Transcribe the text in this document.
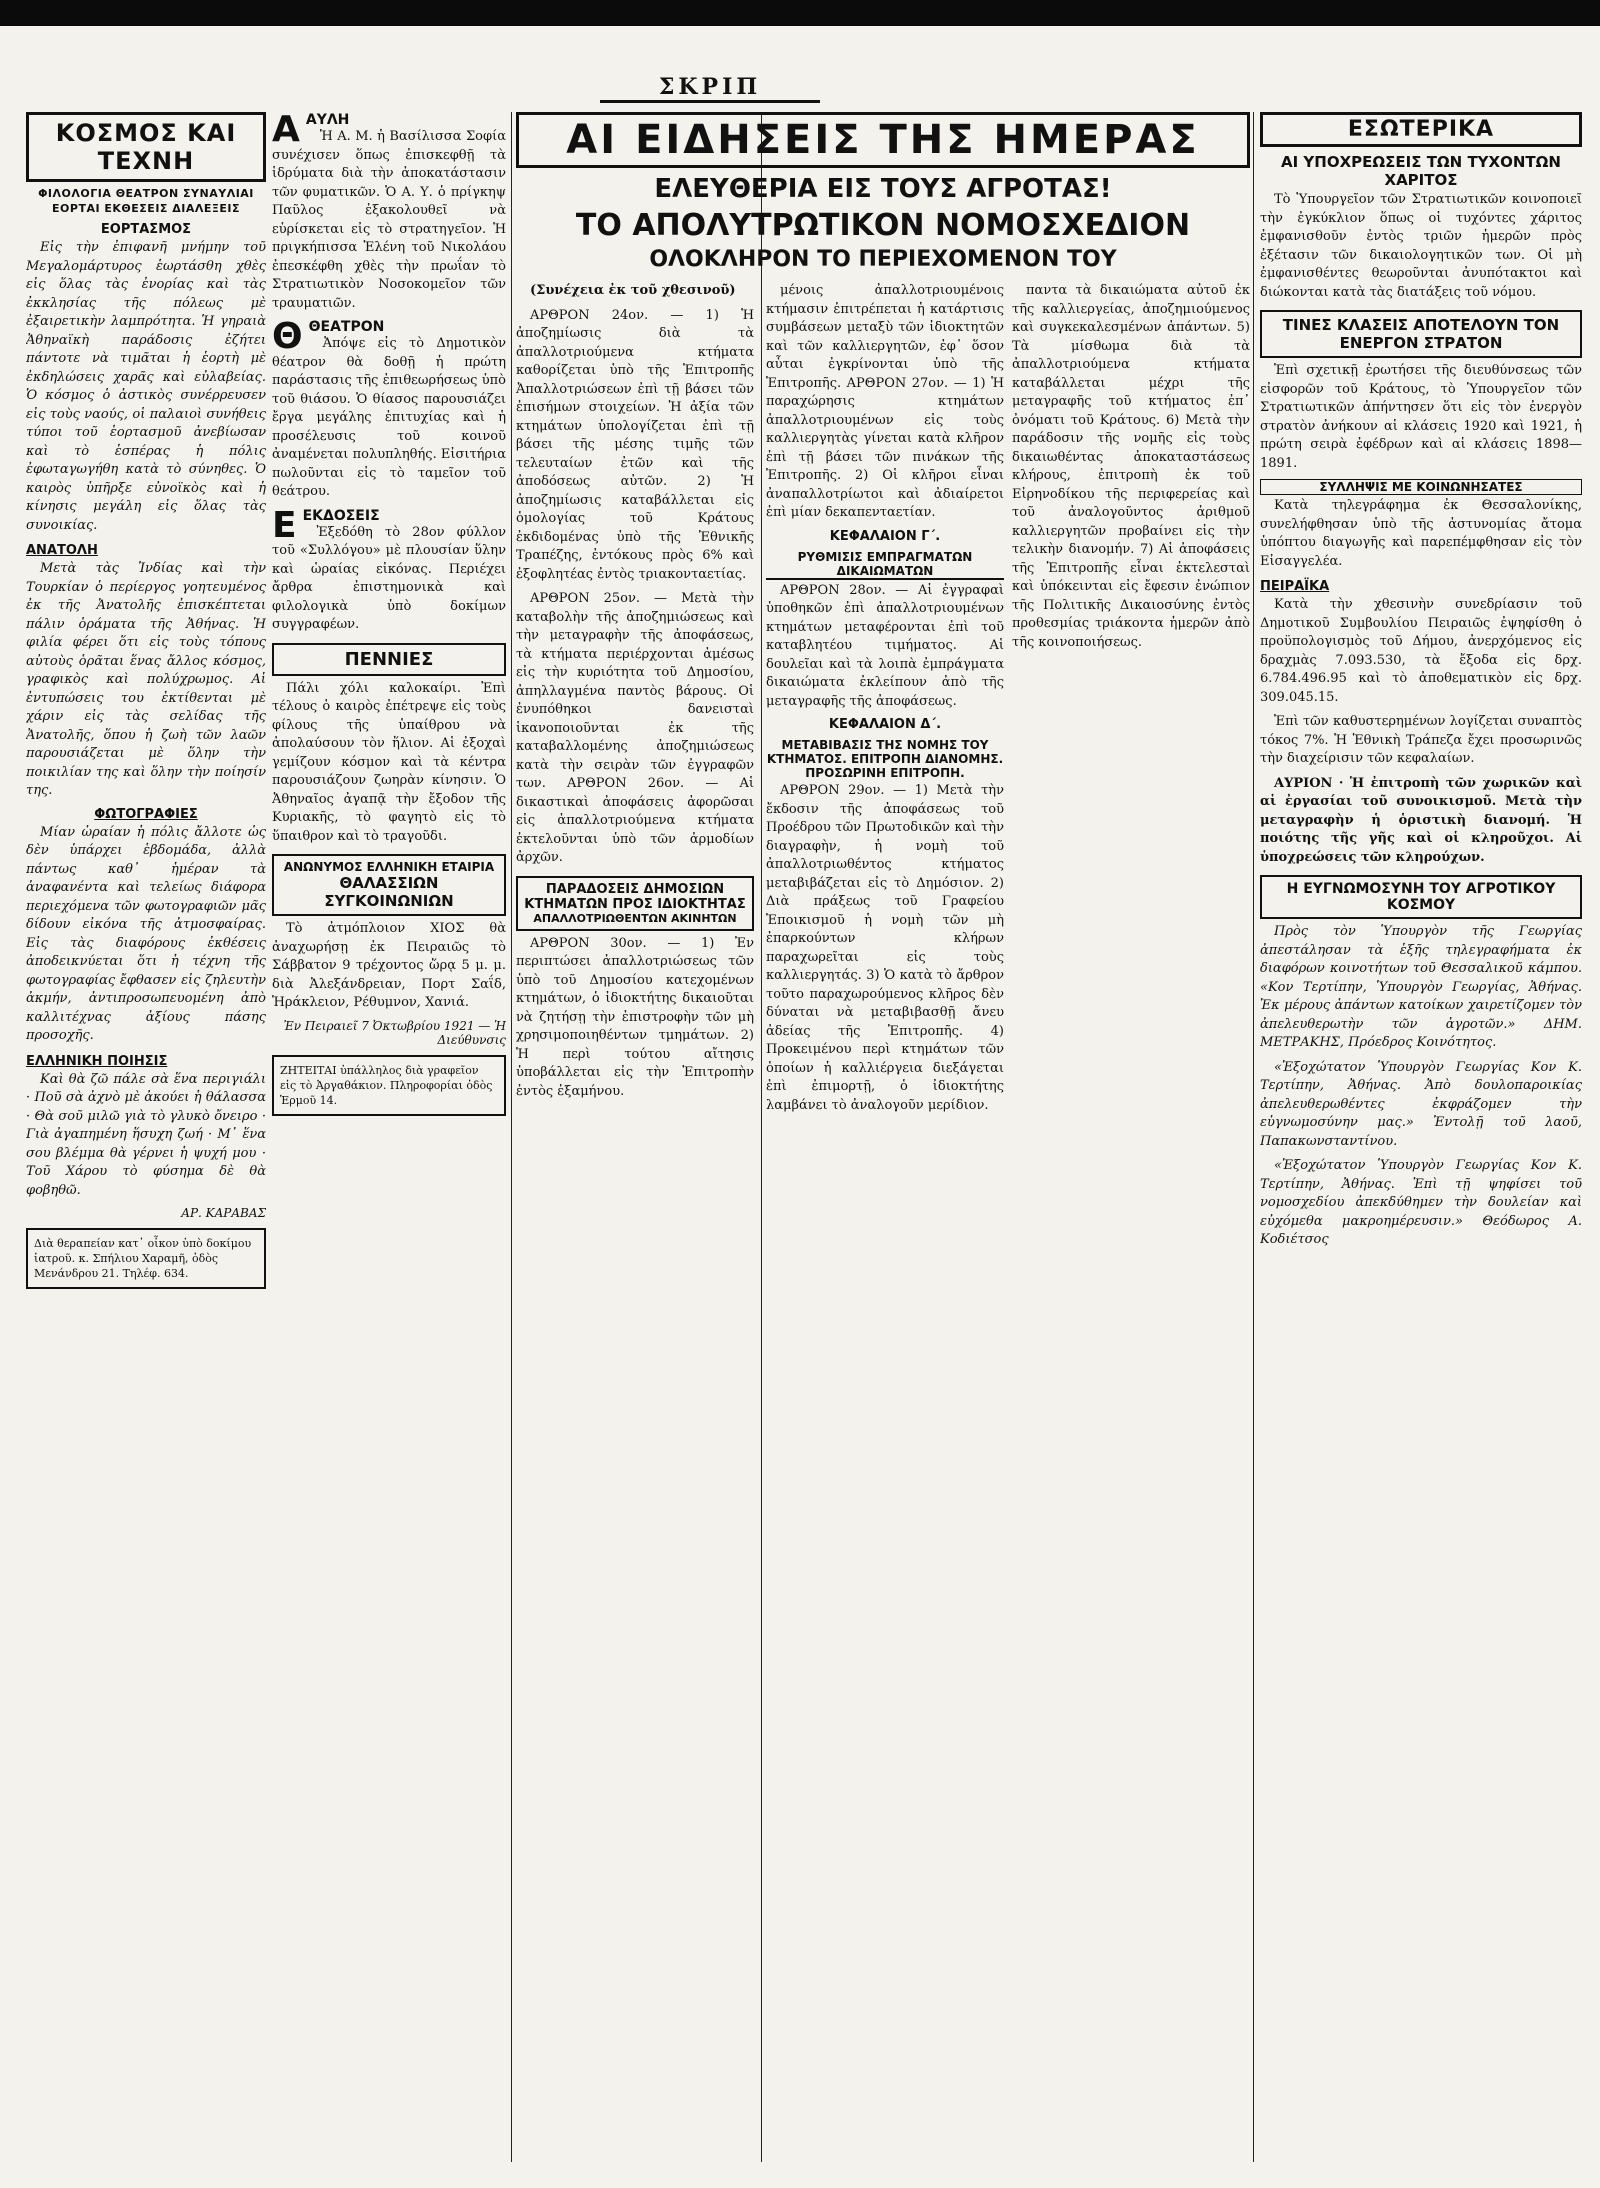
ΣΚΡΙΠ
ΚΟΣΜΟΣ ΚΑΙ ΤΕΧΝΗ
ΦΙΛΟΛΟΓΙΑ ΘΕΑΤΡΟΝ ΣΥΝΑΥΛΙΑΙ ΕΟΡΤΑΙ ΕΚΘΕΣΕΙΣ ΔΙΑΛΕΞΕΙΣ
ΕΟΡΤΑΣΜΟΣ

Εἰς τὴν ἐπιφανῆ μνήμην τοῦ Μεγαλομάρτυρος ἑωρτάσθη χθὲς εἰς ὅλας τὰς ἐνορίας καὶ τὰς ἐκκλησίας τῆς πόλεως μὲ ἐξαιρετικὴν λαμπρότητα. Ἡ γηραιὰ Ἀθηναϊκὴ παράδοσις ἐζήτει πάντοτε νὰ τιμᾶται ἡ ἑορτὴ μὲ ἐκδηλώσεις χαρᾶς καὶ εὐλαβείας. Ὁ κόσμος ὁ ἀστικὸς συνέρρευσεν εἰς τοὺς ναούς, οἱ παλαιοὶ συνήθεις τύποι τοῦ ἑορτασμοῦ ἀνεβίωσαν καὶ τὸ ἑσπέρας ἡ πόλις ἐφωταγωγήθη κατὰ τὸ σύνηθες. Ὁ καιρὸς ὑπῆρξε εὐνοϊκὸς καὶ ἡ κίνησις μεγάλη εἰς ὅλας τὰς συνοικίας.

ΑΝΑΤΟΛΗ

Μετὰ τὰς Ἰνδίας καὶ τὴν Τουρκίαν ὁ περίεργος γοητευμένος ἐκ τῆς Ἀνατολῆς ἐπισκέπτεται πάλιν ὁράματα τῆς Ἀθήνας. Ἡ φιλία φέρει ὅτι εἰς τοὺς τόπους αὐτοὺς ὁρᾶται ἕνας ἄλλος κόσμος, γραφικὸς καὶ πολύχρωμος. Αἱ ἐντυπώσεις του ἐκτίθενται μὲ χάριν εἰς τὰς σελίδας τῆς Ἀνατολῆς, ὅπου ἡ ζωὴ τῶν λαῶν παρουσιάζεται μὲ ὅλην τὴν ποικιλίαν της καὶ ὅλην τὴν ποίησίν της.

ΦΩΤΟΓΡΑΦΙΕΣ

Μίαν ὡραίαν ἡ πόλις ἄλλοτε ὡς δὲν ὑπάρχει ἑβδομάδα, ἀλλὰ πάντως καθ᾿ ἡμέραν τὰ ἀναφανέντα καὶ τελείως διάφορα περιεχόμενα τῶν φωτογραφιῶν μᾶς δίδουν εἰκόνα τῆς ἀτμοσφαίρας. Εἰς τὰς διαφόρους ἐκθέσεις ἀποδεικνύεται ὅτι ἡ τέχνη τῆς φωτογραφίας ἔφθασεν εἰς ζηλευτὴν ἀκμήν, ἀντιπροσωπευομένη ἀπὸ καλλιτέχνας ἀξίους πάσης προσοχῆς.

ΕΛΛΗΝΙΚΗ ΠΟΙΗΣΙΣ

Καὶ θὰ ζῶ πάλε σὰ ἕνα περιγιάλι · Ποῦ σὰ ἀχνὸ μὲ ἀκούει ἡ θάλασσα · Θὰ σοῦ μιλῶ γιὰ τὸ γλυκὸ ὄνειρο · Γιὰ ἀγαπημένη ἥσυχη ζωή · Μ᾿ ἕνα σου βλέμμα θὰ γέρνει ἡ ψυχή μου · Τοῦ Χάρου τὸ φύσημα δὲ θὰ φοβηθῶ.

ΑΡ. ΚΑΡΑΒΑΣ
Διὰ θεραπείαν κατ᾿ οἶκον ὑπὸ δοκίμου ἰατροῦ. κ. Σπήλιου Χαραμῆ, ὁδὸς Μενάνδρου 21. Τηλέφ. 634.
Α ΑΥΛΗ

Ἡ Α. Μ. ἡ Βασίλισσα Σοφία συνέχισεν ὅπως ἐπισκεφθῇ τὰ ἱδρύματα διὰ τὴν ἀποκατάστασιν τῶν φυματικῶν. Ὁ Α. Υ. ὁ πρίγκηψ Παῦλος ἐξακολουθεῖ νὰ εὑρίσκεται εἰς τὸ στρατηγεῖον. Ἡ πριγκήπισσα Ἑλένη τοῦ Νικολάου ἐπεσκέφθη χθὲς τὴν πρωΐαν τὸ Στρατιωτικὸν Νοσοκομεῖον τῶν τραυματιῶν.

Θ ΘΕΑΤΡΟΝ

Ἀπόψε εἰς τὸ Δημοτικὸν θέατρον θὰ δοθῇ ἡ πρώτη παράστασις τῆς ἐπιθεωρήσεως ὑπὸ τοῦ θιάσου. Ὁ θίασος παρουσιάζει ἔργα μεγάλης ἐπιτυχίας καὶ ἡ προσέλευσις τοῦ κοινοῦ ἀναμένεται πολυπληθής. Εἰσιτήρια πωλοῦνται εἰς τὸ ταμεῖον τοῦ θεάτρου.

Ε ΕΚΔΟΣΕΙΣ

Ἐξεδόθη τὸ 28ον φύλλον τοῦ «Συλλόγου» μὲ πλουσίαν ὕλην καὶ ὡραίας εἰκόνας. Περιέχει ἄρθρα ἐπιστημονικὰ καὶ φιλολογικὰ ὑπὸ δοκίμων συγγραφέων.

ΠΕΝΝΙΕΣ

Πάλι χόλι καλοκαίρι. Ἐπὶ τέλους ὁ καιρὸς ἐπέτρεψε εἰς τοὺς φίλους τῆς ὑπαίθρου νὰ ἀπολαύσουν τὸν ἥλιον. Αἱ ἐξοχαὶ γεμίζουν κόσμον καὶ τὰ κέντρα παρουσιάζουν ζωηρὰν κίνησιν. Ὁ Ἀθηναῖος ἀγαπᾷ τὴν ἔξοδον τῆς Κυριακῆς, τὸ φαγητὸ εἰς τὸ ὕπαιθρον καὶ τὸ τραγοῦδι.

ΑΝΩΝΥΜΟΣ ΕΛΛΗΝΙΚΗ ΕΤΑΙΡΙΑ
ΘΑΛΑΣΣΙΩΝ ΣΥΓΚΟΙΝΩΝΙΩΝ

Τὸ ἀτμόπλοιον ΧΙΟΣ θὰ ἀναχωρήσῃ ἐκ Πειραιῶς τὸ Σάββατον 9 τρέχοντος ὥρᾳ 5 μ. μ. διὰ Ἀλεξάνδρειαν, Πορτ Σαΐδ, Ἡράκλειον, Ρέθυμνον, Χανιά.

Ἐν Πειραιεῖ 7 Ὀκτωβρίου 1921 — Ἡ Διεύθυνσις
ΖΗΤΕΙΤΑΙ ὑπάλληλος διὰ γραφεῖον εἰς τὸ Ἀργαθάκιον. Πληροφορίαι ὁδὸς Ἑρμοῦ 14.
ΑΙ ΕΙΔΗΣΕΙΣ ΤΗΣ ΗΜΕΡΑΣ
ΕΛΕΥΘΕΡΙΑ ΕΙΣ ΤΟΥΣ ΑΓΡΟΤΑΣ!
ΤΟ ΑΠΟΛΥΤΡΩΤΙΚΟΝ ΝΟΜΟΣΧΕΔΙΟΝ
ΟΛΟΚΛΗΡΟΝ ΤΟ ΠΕΡΙΕΧΟΜΕΝΟΝ ΤΟΥ

(Συνέχεια ἐκ τοῦ χθεσινοῦ)

ΑΡΘΡΟΝ 24ον. — 1) Ἡ ἀποζημίωσις διὰ τὰ ἀπαλλοτριούμενα κτήματα καθορίζεται ὑπὸ τῆς Ἐπιτροπῆς Ἀπαλλοτριώσεων ἐπὶ τῇ βάσει τῶν ἐπισήμων στοιχείων. Ἡ ἀξία τῶν κτημάτων ὑπολογίζεται ἐπὶ τῇ βάσει τῆς μέσης τιμῆς τῶν τελευταίων ἐτῶν καὶ τῆς ἀποδόσεως αὐτῶν. 2) Ἡ ἀποζημίωσις καταβάλλεται εἰς ὁμολογίας τοῦ Κράτους ἐκδιδομένας ὑπὸ τῆς Ἐθνικῆς Τραπέζης, ἐντόκους πρὸς 6% καὶ ἐξοφλητέας ἐντὸς τριακονταετίας.

ΑΡΘΡΟΝ 25ον. — Μετὰ τὴν καταβολὴν τῆς ἀποζημιώσεως καὶ τὴν μεταγραφὴν τῆς ἀποφάσεως, τὰ κτήματα περιέρχονται ἀμέσως εἰς τὴν κυριότητα τοῦ Δημοσίου, ἀπηλλαγμένα παντὸς βάρους. Οἱ ἐνυπόθηκοι δανεισταὶ ἱκανοποιοῦνται ἐκ τῆς καταβαλλομένης ἀποζημιώσεως κατὰ τὴν σειρὰν τῶν ἐγγραφῶν των. ΑΡΘΡΟΝ 26ον. — Αἱ δικαστικαὶ ἀποφάσεις ἀφορῶσαι εἰς ἀπαλλοτριούμενα κτήματα ἐκτελοῦνται ὑπὸ τῶν ἀρμοδίων ἀρχῶν.

ΠΑΡΑΔΟΣΕΙΣ ΔΗΜΟΣΙΩΝ ΚΤΗΜΑΤΩΝ ΠΡΟΣ ΙΔΙΟΚΤΗΤΑΣ
ΑΠΑΛΛΟΤΡΙΩΘΕΝΤΩΝ ΑΚΙΝΗΤΩΝ

ΑΡΘΡΟΝ 30ον. — 1) Ἐν περιπτώσει ἀπαλλοτριώσεως τῶν ὑπὸ τοῦ Δημοσίου κατεχομένων κτημάτων, ὁ ἰδιοκτήτης δικαιοῦται νὰ ζητήσῃ τὴν ἐπιστροφὴν τῶν μὴ χρησιμοποιηθέντων τμημάτων. 2) Ἡ περὶ τούτου αἴτησις ὑποβάλλεται εἰς τὴν Ἐπιτροπὴν ἐντὸς ἑξαμήνου.

μένοις ἀπαλλοτριουμένοις κτήμασιν ἐπιτρέπεται ἡ κατάρτισις συμβάσεων μεταξὺ τῶν ἰδιοκτητῶν καὶ τῶν καλλιεργητῶν, ἐφ᾿ ὅσον αὗται ἐγκρίνονται ὑπὸ τῆς Ἐπιτροπῆς. ΑΡΘΡΟΝ 27ον. — 1) Ἡ παραχώρησις κτημάτων ἀπαλλοτριουμένων εἰς τοὺς καλλιεργητὰς γίνεται κατὰ κλῆρον ἐπὶ τῇ βάσει τῶν πινάκων τῆς Ἐπιτροπῆς. 2) Οἱ κλῆροι εἶναι ἀναπαλλοτρίωτοι καὶ ἀδιαίρετοι ἐπὶ μίαν δεκαπενταετίαν.

ΚΕΦΑΛΑΙΟΝ Γ΄.
ΡΥΘΜΙΣΙΣ ΕΜΠΡΑΓΜΑΤΩΝ ΔΙΚΑΙΩΜΑΤΩΝ

ΑΡΘΡΟΝ 28ον. — Αἱ ἐγγραφαὶ ὑποθηκῶν ἐπὶ ἀπαλλοτριουμένων κτημάτων μεταφέρονται ἐπὶ τοῦ καταβλητέου τιμήματος. Αἱ δουλεῖαι καὶ τὰ λοιπὰ ἐμπράγματα δικαιώματα ἐκλείπουν ἀπὸ τῆς μεταγραφῆς τῆς ἀποφάσεως.

ΚΕΦΑΛΑΙΟΝ Δ΄.
ΜΕΤΑΒΙΒΑΣΙΣ ΤΗΣ ΝΟΜΗΣ ΤΟΥ ΚΤΗΜΑΤΟΣ. ΕΠΙΤΡΟΠΗ ΔΙΑΝΟΜΗΣ. ΠΡΟΣΩΡΙΝΗ ΕΠΙΤΡΟΠΗ.

ΑΡΘΡΟΝ 29ον. — 1) Μετὰ τὴν ἔκδοσιν τῆς ἀποφάσεως τοῦ Προέδρου τῶν Πρωτοδικῶν καὶ τὴν διαγραφὴν, ἡ νομὴ τοῦ ἀπαλλοτριωθέντος κτήματος μεταβιβάζεται εἰς τὸ Δημόσιον. 2) Διὰ πράξεως τοῦ Γραφείου Ἐποικισμοῦ ἡ νομὴ τῶν μὴ ἐπαρκούντων κλήρων παραχωρεῖται εἰς τοὺς καλλιεργητάς. 3) Ὁ κατὰ τὸ ἄρθρον τοῦτο παραχωρούμενος κλῆρος δὲν δύναται νὰ μεταβιβασθῇ ἄνευ ἀδείας τῆς Ἐπιτροπῆς. 4) Προκειμένου περὶ κτημάτων τῶν ὁποίων ἡ καλλιέργεια διεξάγεται ἐπὶ ἐπιμορτῇ, ὁ ἰδιοκτήτης λαμβάνει τὸ ἀναλογοῦν μερίδιον.

παντα τὰ δικαιώματα αὐτοῦ ἐκ τῆς καλλιεργείας, ἀποζημιούμενος καὶ συγκεκαλεσμένων ἀπάντων. 5) Τὰ μίσθωμα διὰ τὰ ἀπαλλοτριούμενα κτήματα καταβάλλεται μέχρι τῆς μεταγραφῆς τοῦ κτήματος ἐπ᾿ ὀνόματι τοῦ Κράτους. 6) Μετὰ τὴν παράδοσιν τῆς νομῆς εἰς τοὺς δικαιωθέντας ἀποκαταστάσεως κλήρους, ἐπιτροπὴ ἐκ τοῦ Εἰρηνοδίκου τῆς περιφερείας καὶ τοῦ ἀναλογοῦντος ἀριθμοῦ καλλιεργητῶν προβαίνει εἰς τὴν τελικὴν διανομήν. 7) Αἱ ἀποφάσεις τῆς Ἐπιτροπῆς εἶναι ἐκτελεσταὶ καὶ ὑπόκεινται εἰς ἔφεσιν ἐνώπιον τῆς Πολιτικῆς Δικαιοσύνης ἐντὸς προθεσμίας τριάκοντα ἡμερῶν ἀπὸ τῆς κοινοποιήσεως.

ΕΣΩΤΕΡΙΚΑ
ΑΙ ΥΠΟΧΡΕΩΣΕΙΣ ΤΩΝ ΤΥΧΟΝΤΩΝ ΧΑΡΙΤΟΣ

Τὸ Ὑπουργεῖον τῶν Στρατιωτικῶν κοινοποιεῖ τὴν ἐγκύκλιον ὅπως οἱ τυχόντες χάριτος ἐμφανισθοῦν ἐντὸς τριῶν ἡμερῶν πρὸς ἐξέτασιν τῶν δικαιολογητικῶν των. Οἱ μὴ ἐμφανισθέντες θεωροῦνται ἀνυπότακτοι καὶ διώκονται κατὰ τὰς διατάξεις τοῦ νόμου.

ΤΙΝΕΣ ΚΛΑΣΕΙΣ ΑΠΟΤΕΛΟΥΝ ΤΟΝ ΕΝΕΡΓΟΝ ΣΤΡΑΤΟΝ

Ἐπὶ σχετικῇ ἐρωτήσει τῆς διευθύνσεως τῶν εἰσφορῶν τοῦ Κράτους, τὸ Ὑπουργεῖον τῶν Στρατιωτικῶν ἀπήντησεν ὅτι εἰς τὸν ἐνεργὸν στρατὸν ἀνήκουν αἱ κλάσεις 1920 καὶ 1921, ἡ πρώτη σειρὰ ἐφέδρων καὶ αἱ κλάσεις 1898—1891.

ΣΥΛΛΗΨΙΣ ΜΕ ΚΟΙΝΩΝΗΣΑΤΕΣ

Κατὰ τηλεγράφημα ἐκ Θεσσαλονίκης, συνελήφθησαν ὑπὸ τῆς ἀστυνομίας ἄτομα ὑπόπτου διαγωγῆς καὶ παρεπέμφθησαν εἰς τὸν Εἰσαγγελέα.

ΠΕΙΡΑΪΚΑ

Κατὰ τὴν χθεσινὴν συνεδρίασιν τοῦ Δημοτικοῦ Συμβουλίου Πειραιῶς ἐψηφίσθη ὁ προϋπολογισμὸς τοῦ Δήμου, ἀνερχόμενος εἰς δραχμὰς 7.093.530, τὰ ἔξοδα εἰς δρχ. 6.784.496.95 καὶ τὸ ἀποθεματικὸν εἰς δρχ. 309.045.15.

Ἐπὶ τῶν καθυστερημένων λογίζεται συναπτὸς τόκος 7%. Ἡ Ἐθνικὴ Τράπεζα ἔχει προσωρινῶς τὴν διαχείρισιν τῶν κεφαλαίων.

ΑΥΡΙΟΝ · Ἡ ἐπιτροπὴ τῶν χωρικῶν καὶ αἱ ἐργασίαι τοῦ συνοικισμοῦ. Μετὰ τὴν μεταγραφὴν ἡ ὁριστικὴ διανομή. Ἡ ποιότης τῆς γῆς καὶ οἱ κληροῦχοι. Αἱ ὑποχρεώσεις τῶν κληρούχων.

Η ΕΥΓΝΩΜΟΣΥΝΗ ΤΟΥ ΑΓΡΟΤΙΚΟΥ ΚΟΣΜΟΥ

Πρὸς τὸν Ὑπουργὸν τῆς Γεωργίας ἀπεστάλησαν τὰ ἑξῆς τηλεγραφήματα ἐκ διαφόρων κοινοτήτων τοῦ Θεσσαλικοῦ κάμπου. «Κον Τερτίπην, Ὑπουργὸν Γεωργίας, Ἀθήνας. Ἐκ μέρους ἁπάντων κατοίκων χαιρετίζομεν τὸν ἀπελευθερωτὴν τῶν ἀγροτῶν.» ΔΗΜ. ΜΕΤΡΑΚΗΣ, Πρόεδρος Κοινότητος.

«Ἐξοχώτατον Ὑπουργὸν Γεωργίας Κον Κ. Τερτίπην, Ἀθήνας. Ἀπὸ δουλοπαροικίας ἀπελευθερωθέντες ἐκφράζομεν τὴν εὐγνωμοσύνην μας.» Ἐντολῇ τοῦ λαοῦ, Παπακωνσταντίνου.

«Ἐξοχώτατον Ὑπουργὸν Γεωργίας Κον Κ. Τερτίπην, Ἀθήνας. Ἐπὶ τῇ ψηφίσει τοῦ νομοσχεδίου ἀπεκδύθημεν τὴν δουλείαν καὶ εὐχόμεθα μακροημέρευσιν.» Θεόδωρος Α. Κοδιέτσος
